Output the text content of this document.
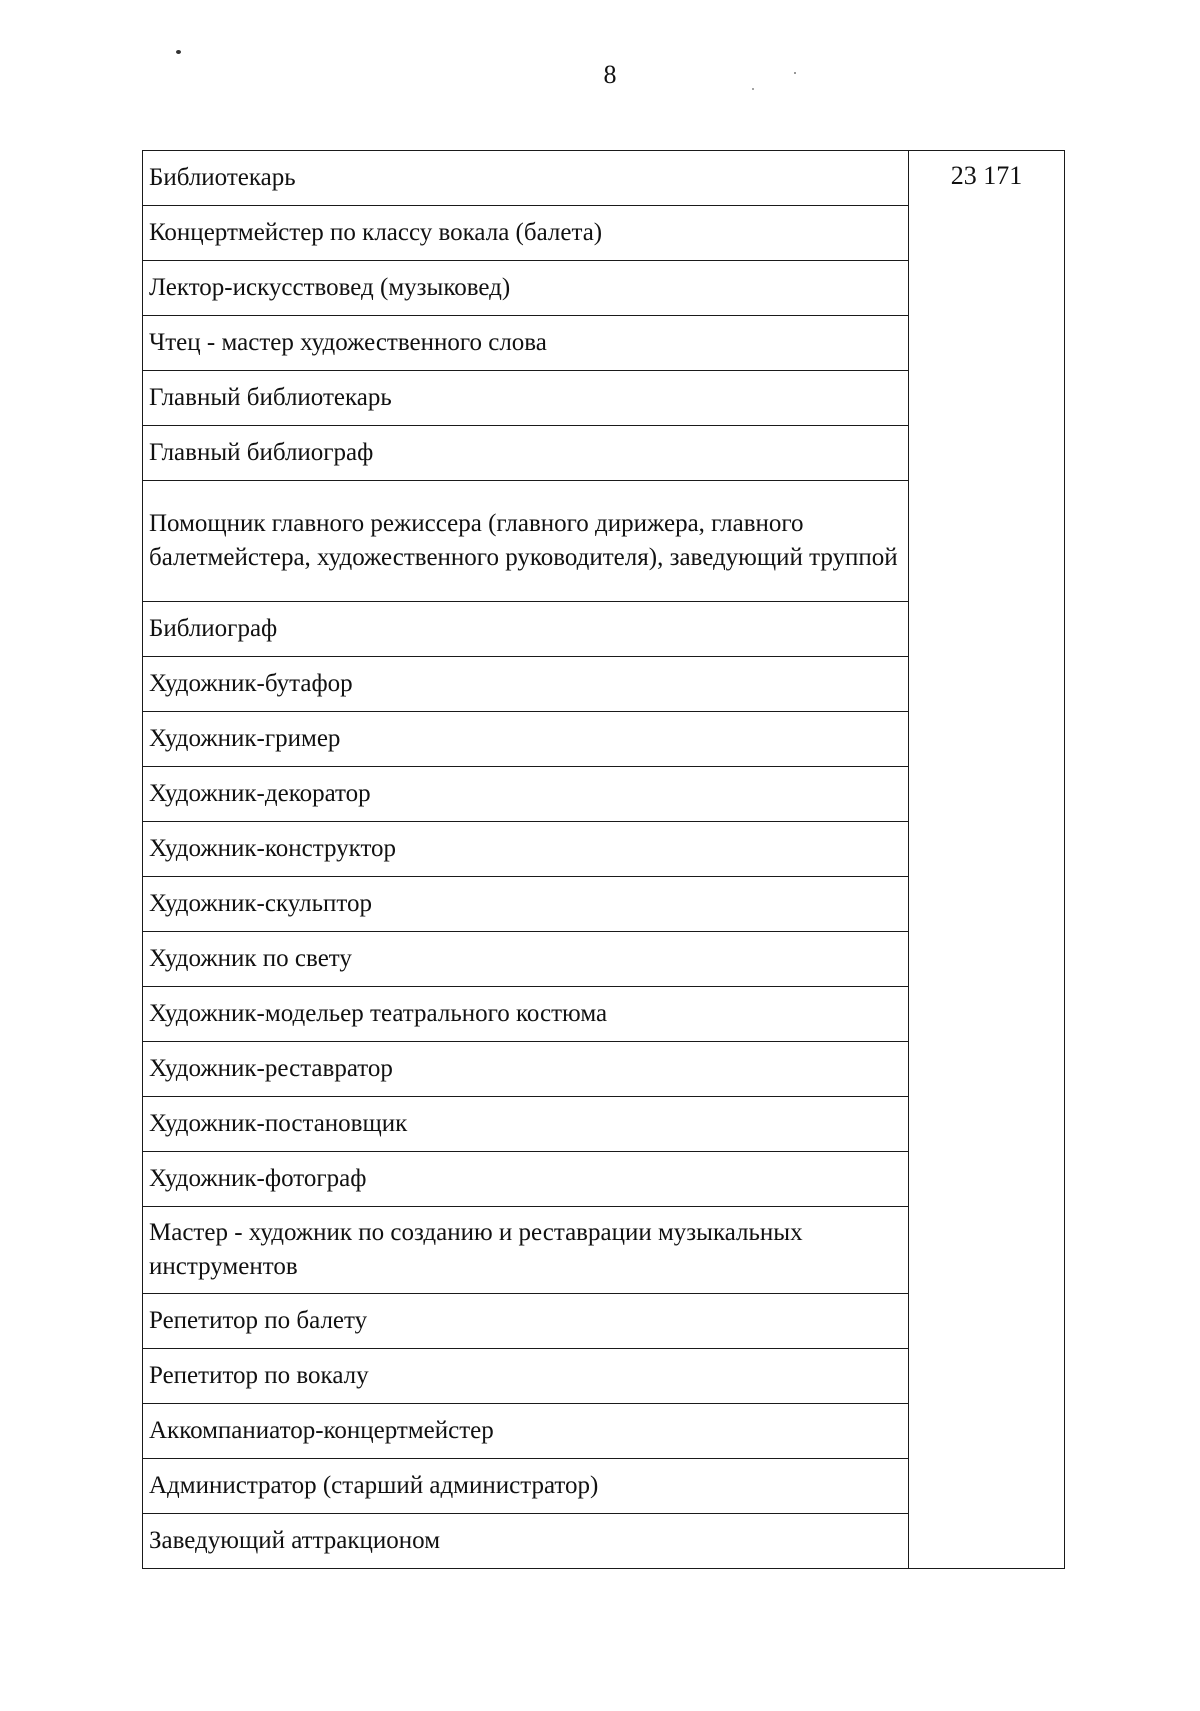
8
Библиотекарь	23 171
Концертмейстер по классу вокала (балета)
Лектор-искусствовед (музыковед)
Чтец - мастер художественного слова
Главный библиотекарь
Главный библиограф
Помощник главного режиссера (главного дирижера, главного балетмейстера, художественного руководителя), заведующий труппой
Библиограф
Художник-бутафор
Художник-гример
Художник-декоратор
Художник-конструктор
Художник-скульптор
Художник по свету
Художник-модельер театрального костюма
Художник-реставратор
Художник-постановщик
Художник-фотограф
Мастер - художник по созданию и реставрации музыкальных инструментов
Репетитор по балету
Репетитор по вокалу
Аккомпаниатор-концертмейстер
Администратор (старший администратор)
Заведующий аттракционом
